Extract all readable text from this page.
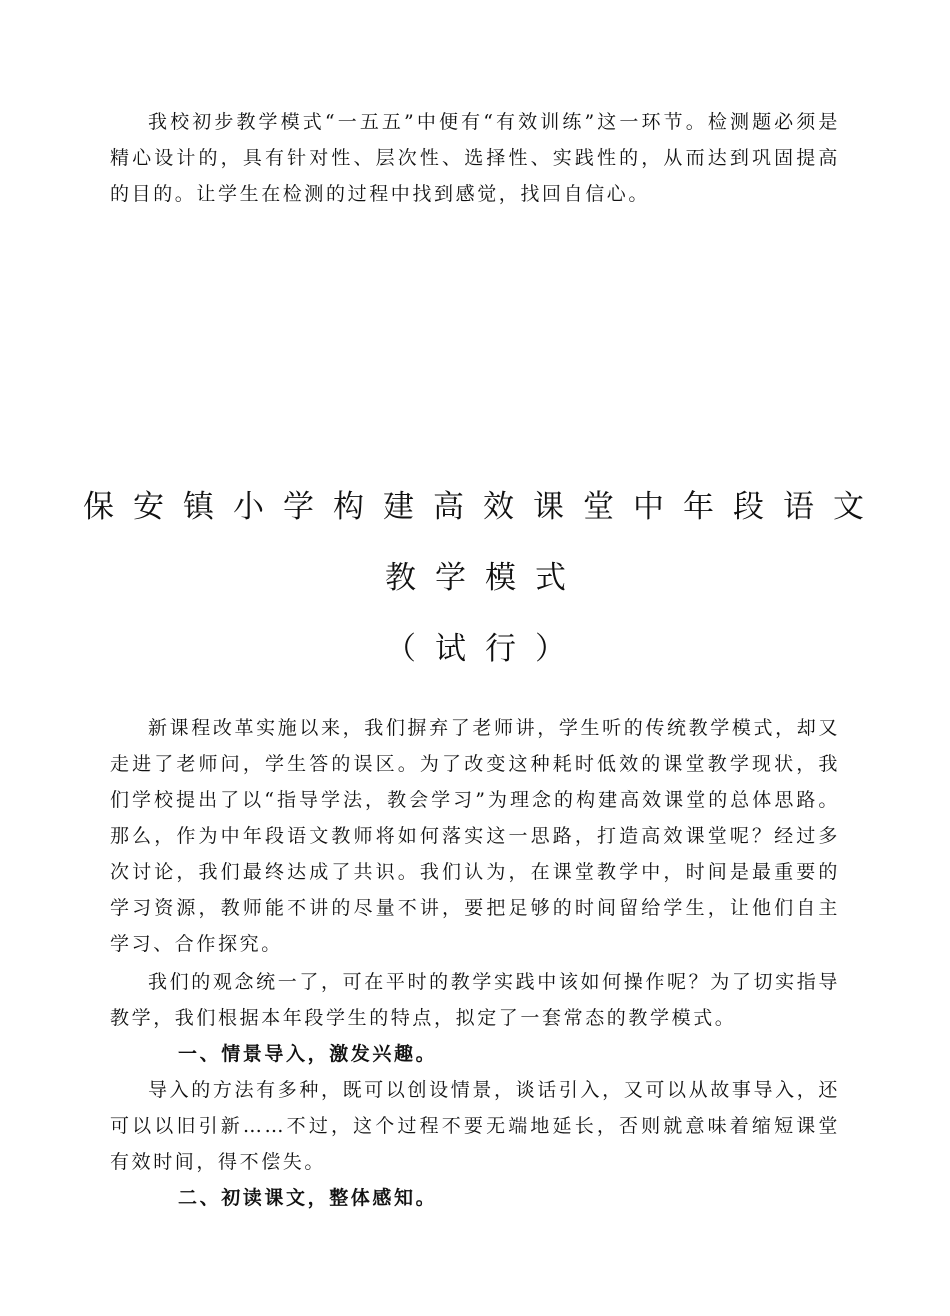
我校初步教学模式“一五五”中便有“有效训练”这一环节。检测题必须是精心设计的，具有针对性、层次性、选择性、实践性的，从而达到巩固提高的目的。让学生在检测的过程中找到感觉，找回自信心。

保安镇小学构建高效课堂中年段语文
教学模式
（试行）

新课程改革实施以来，我们摒弃了老师讲，学生听的传统教学模式，却又走进了老师问，学生答的误区。为了改变这种耗时低效的课堂教学现状，我们学校提出了以“指导学法，教会学习”为理念的构建高效课堂的总体思路。那么，作为中年段语文教师将如何落实这一思路，打造高效课堂呢？经过多次讨论，我们最终达成了共识。我们认为，在课堂教学中，时间是最重要的学习资源，教师能不讲的尽量不讲，要把足够的时间留给学生，让他们自主学习、合作探究。

我们的观念统一了，可在平时的教学实践中该如何操作呢？为了切实指导教学，我们根据本年段学生的特点，拟定了一套常态的教学模式。

一、情景导入，激发兴趣。

导入的方法有多种，既可以创设情景，谈话引入，又可以从故事导入，还可以以旧引新……不过，这个过程不要无端地延长，否则就意味着缩短课堂有效时间，得不偿失。

二、初读课文，整体感知。
